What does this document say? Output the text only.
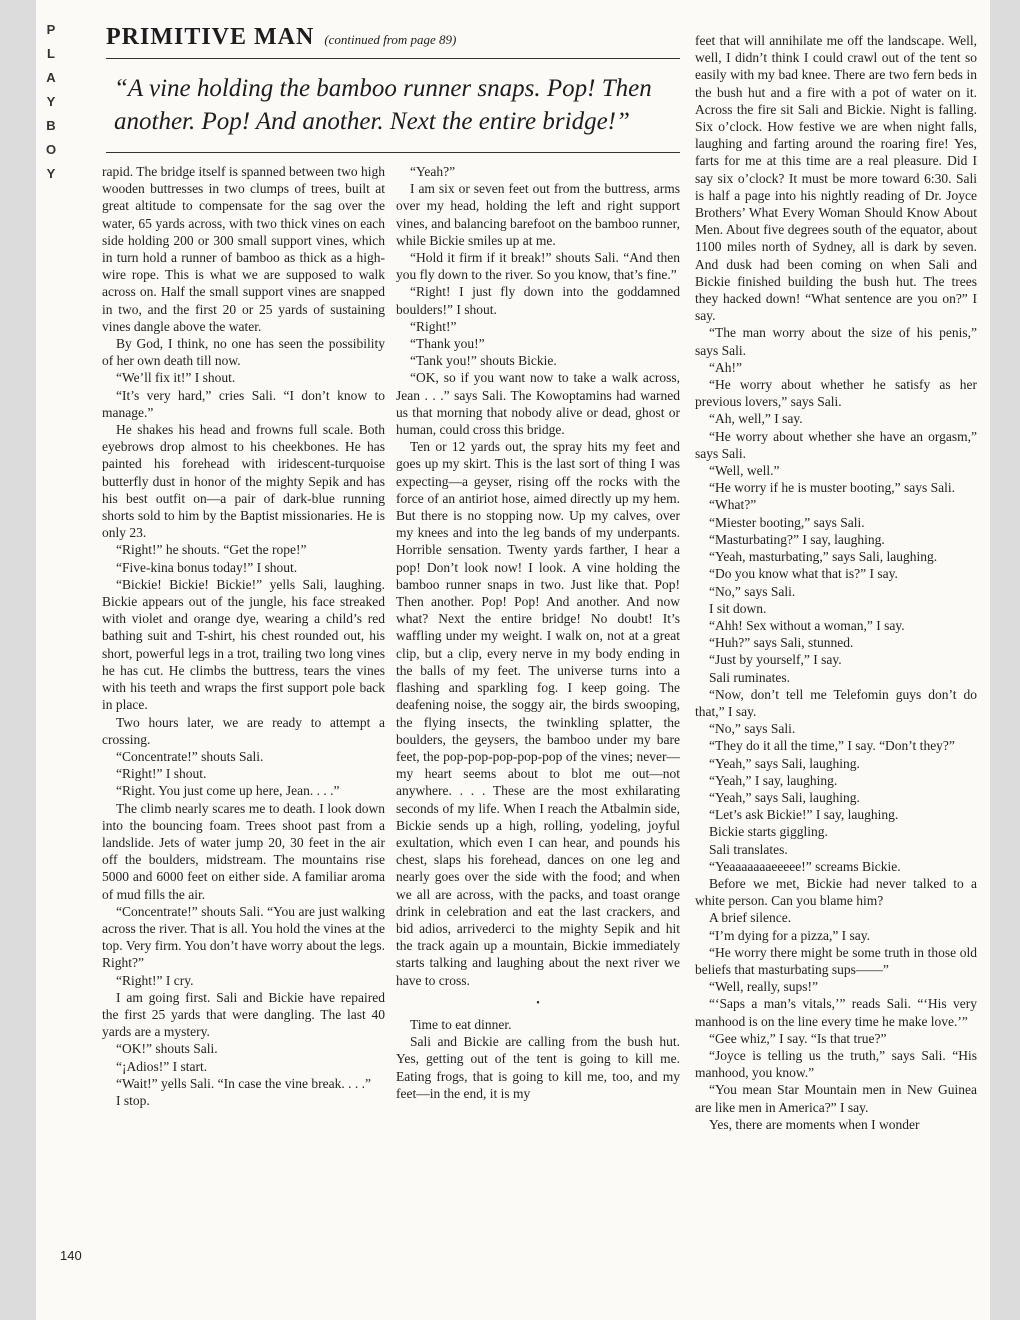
P
L
A
Y
B
O
Y
PRIMITIVE MAN (continued from page 89)
“A vine holding the bamboo runner snaps. Pop! Then another. Pop! And another. Next the entire bridge!”

rapid. The bridge itself is spanned between two high wooden buttresses in two clumps of trees, built at great altitude to compensate for the sag over the water, 65 yards across, with two thick vines on each side holding 200 or 300 small support vines, which in turn hold a runner of bamboo as thick as a high-wire rope. This is what we are supposed to walk across on. Half the small support vines are snapped in two, and the first 20 or 25 yards of sustaining vines dangle above the water.

By God, I think, no one has seen the possibility of her own death till now.

“We’ll fix it!” I shout.

“It’s very hard,” cries Sali. “I don’t know to manage.”

He shakes his head and frowns full scale. Both eyebrows drop almost to his cheekbones. He has painted his forehead with iridescent-turquoise butterfly dust in honor of the mighty Sepik and has his best outfit on—a pair of dark-blue running shorts sold to him by the Baptist missionaries. He is only 23.

“Right!” he shouts. “Get the rope!”

“Five-kina bonus today!” I shout.

“Bickie! Bickie! Bickie!” yells Sali, laughing. Bickie appears out of the jungle, his face streaked with violet and orange dye, wearing a child’s red bathing suit and T-shirt, his chest rounded out, his short, powerful legs in a trot, trailing two long vines he has cut. He climbs the buttress, tears the vines with his teeth and wraps the first support pole back in place.

Two hours later, we are ready to attempt a crossing.

“Concentrate!” shouts Sali.

“Right!” I shout.

“Right. You just come up here, Jean. . . .”

The climb nearly scares me to death. I look down into the bouncing foam. Trees shoot past from a landslide. Jets of water jump 20, 30 feet in the air off the boulders, midstream. The mountains rise 5000 and 6000 feet on either side. A familiar aroma of mud fills the air.

“Concentrate!” shouts Sali. “You are just walking across the river. That is all. You hold the vines at the top. Very firm. You don’t have worry about the legs. Right?”

“Right!” I cry.

I am going first. Sali and Bickie have repaired the first 25 yards that were dangling. The last 40 yards are a mystery.

“OK!” shouts Sali.

“¡Adios!” I start.

“Wait!” yells Sali. “In case the vine break. . . .”

I stop.

“Yeah?”

I am six or seven feet out from the buttress, arms over my head, holding the left and right support vines, and balancing barefoot on the bamboo runner, while Bickie smiles up at me.

“Hold it firm if it break!” shouts Sali. “And then you fly down to the river. So you know, that’s fine.”

“Right! I just fly down into the goddamned boulders!” I shout.

“Right!”

“Thank you!”

“Tank you!” shouts Bickie.

“OK, so if you want now to take a walk across, Jean . . .” says Sali. The Kowoptamins had warned us that morning that nobody alive or dead, ghost or human, could cross this bridge.

Ten or 12 yards out, the spray hits my feet and goes up my skirt. This is the last sort of thing I was expecting—a geyser, rising off the rocks with the force of an antiriot hose, aimed directly up my hem. But there is no stopping now. Up my calves, over my knees and into the leg bands of my underpants. Horrible sensation. Twenty yards farther, I hear a pop! Don’t look now! I look. A vine holding the bamboo runner snaps in two. Just like that. Pop! Then another. Pop! Pop! And another. And now what? Next the entire bridge! No doubt! It’s waffling under my weight. I walk on, not at a great clip, but a clip, every nerve in my body ending in the balls of my feet. The universe turns into a flashing and sparkling fog. I keep going. The deafening noise, the soggy air, the birds swooping, the flying insects, the twinkling splatter, the boulders, the geysers, the bamboo under my bare feet, the pop-pop-pop-pop-pop of the vines; never—my heart seems about to blot me out—not anywhere. . . . These are the most exhilarating seconds of my life. When I reach the Atbalmin side, Bickie sends up a high, rolling, yodeling, joyful exultation, which even I can hear, and pounds his chest, slaps his forehead, dances on one leg and nearly goes over the side with the food; and when we all are across, with the packs, and toast orange drink in celebration and eat the last crackers, and bid adios, arrivederci to the mighty Sepik and hit the track again up a mountain, Bickie immediately starts talking and laughing about the next river we have to cross.

•

Time to eat dinner.

Sali and Bickie are calling from the bush hut. Yes, getting out of the tent is going to kill me. Eating frogs, that is going to kill me, too, and my feet—in the end, it is my

feet that will annihilate me off the landscape. Well, well, I didn’t think I could crawl out of the tent so easily with my bad knee. There are two fern beds in the bush hut and a fire with a pot of water on it. Across the fire sit Sali and Bickie. Night is falling. Six o’clock. How festive we are when night falls, laughing and farting around the roaring fire! Yes, farts for me at this time are a real pleasure. Did I say six o’clock? It must be more toward 6:30. Sali is half a page into his nightly reading of Dr. Joyce Brothers’ What Every Woman Should Know About Men. About five degrees south of the equator, about 1100 miles north of Sydney, all is dark by seven. And dusk had been coming on when Sali and Bickie finished building the bush hut. The trees they hacked down! “What sentence are you on?” I say.

“The man worry about the size of his penis,” says Sali.

“Ah!”

“He worry about whether he satisfy as her previous lovers,” says Sali.

“Ah, well,” I say.

“He worry about whether she have an orgasm,” says Sali.

“Well, well.”

“He worry if he is muster booting,” says Sali.

“What?”

“Miester booting,” says Sali.

“Masturbating?” I say, laughing.

“Yeah, masturbating,” says Sali, laughing.

“Do you know what that is?” I say.

“No,” says Sali.

I sit down.

“Ahh! Sex without a woman,” I say.

“Huh?” says Sali, stunned.

“Just by yourself,” I say.

Sali ruminates.

“Now, don’t tell me Telefomin guys don’t do that,” I say.

“No,” says Sali.

“They do it all the time,” I say. “Don’t they?”

“Yeah,” says Sali, laughing.

“Yeah,” I say, laughing.

“Yeah,” says Sali, laughing.

“Let’s ask Bickie!” I say, laughing.

Bickie starts giggling.

Sali translates.

“Yeaaaaaaaeeeee!” screams Bickie.

Before we met, Bickie had never talked to a white person. Can you blame him?

A brief silence.

“I’m dying for a pizza,” I say.

“He worry there might be some truth in those old beliefs that masturbating sups——”

“Well, really, sups!”

“‘Saps a man’s vitals,’” reads Sali. “‘His very manhood is on the line every time he make love.’”

“Gee whiz,” I say. “Is that true?”

“Joyce is telling us the truth,” says Sali. “His manhood, you know.”

“You mean Star Mountain men in New Guinea are like men in America?” I say.

Yes, there are moments when I wonder

140
